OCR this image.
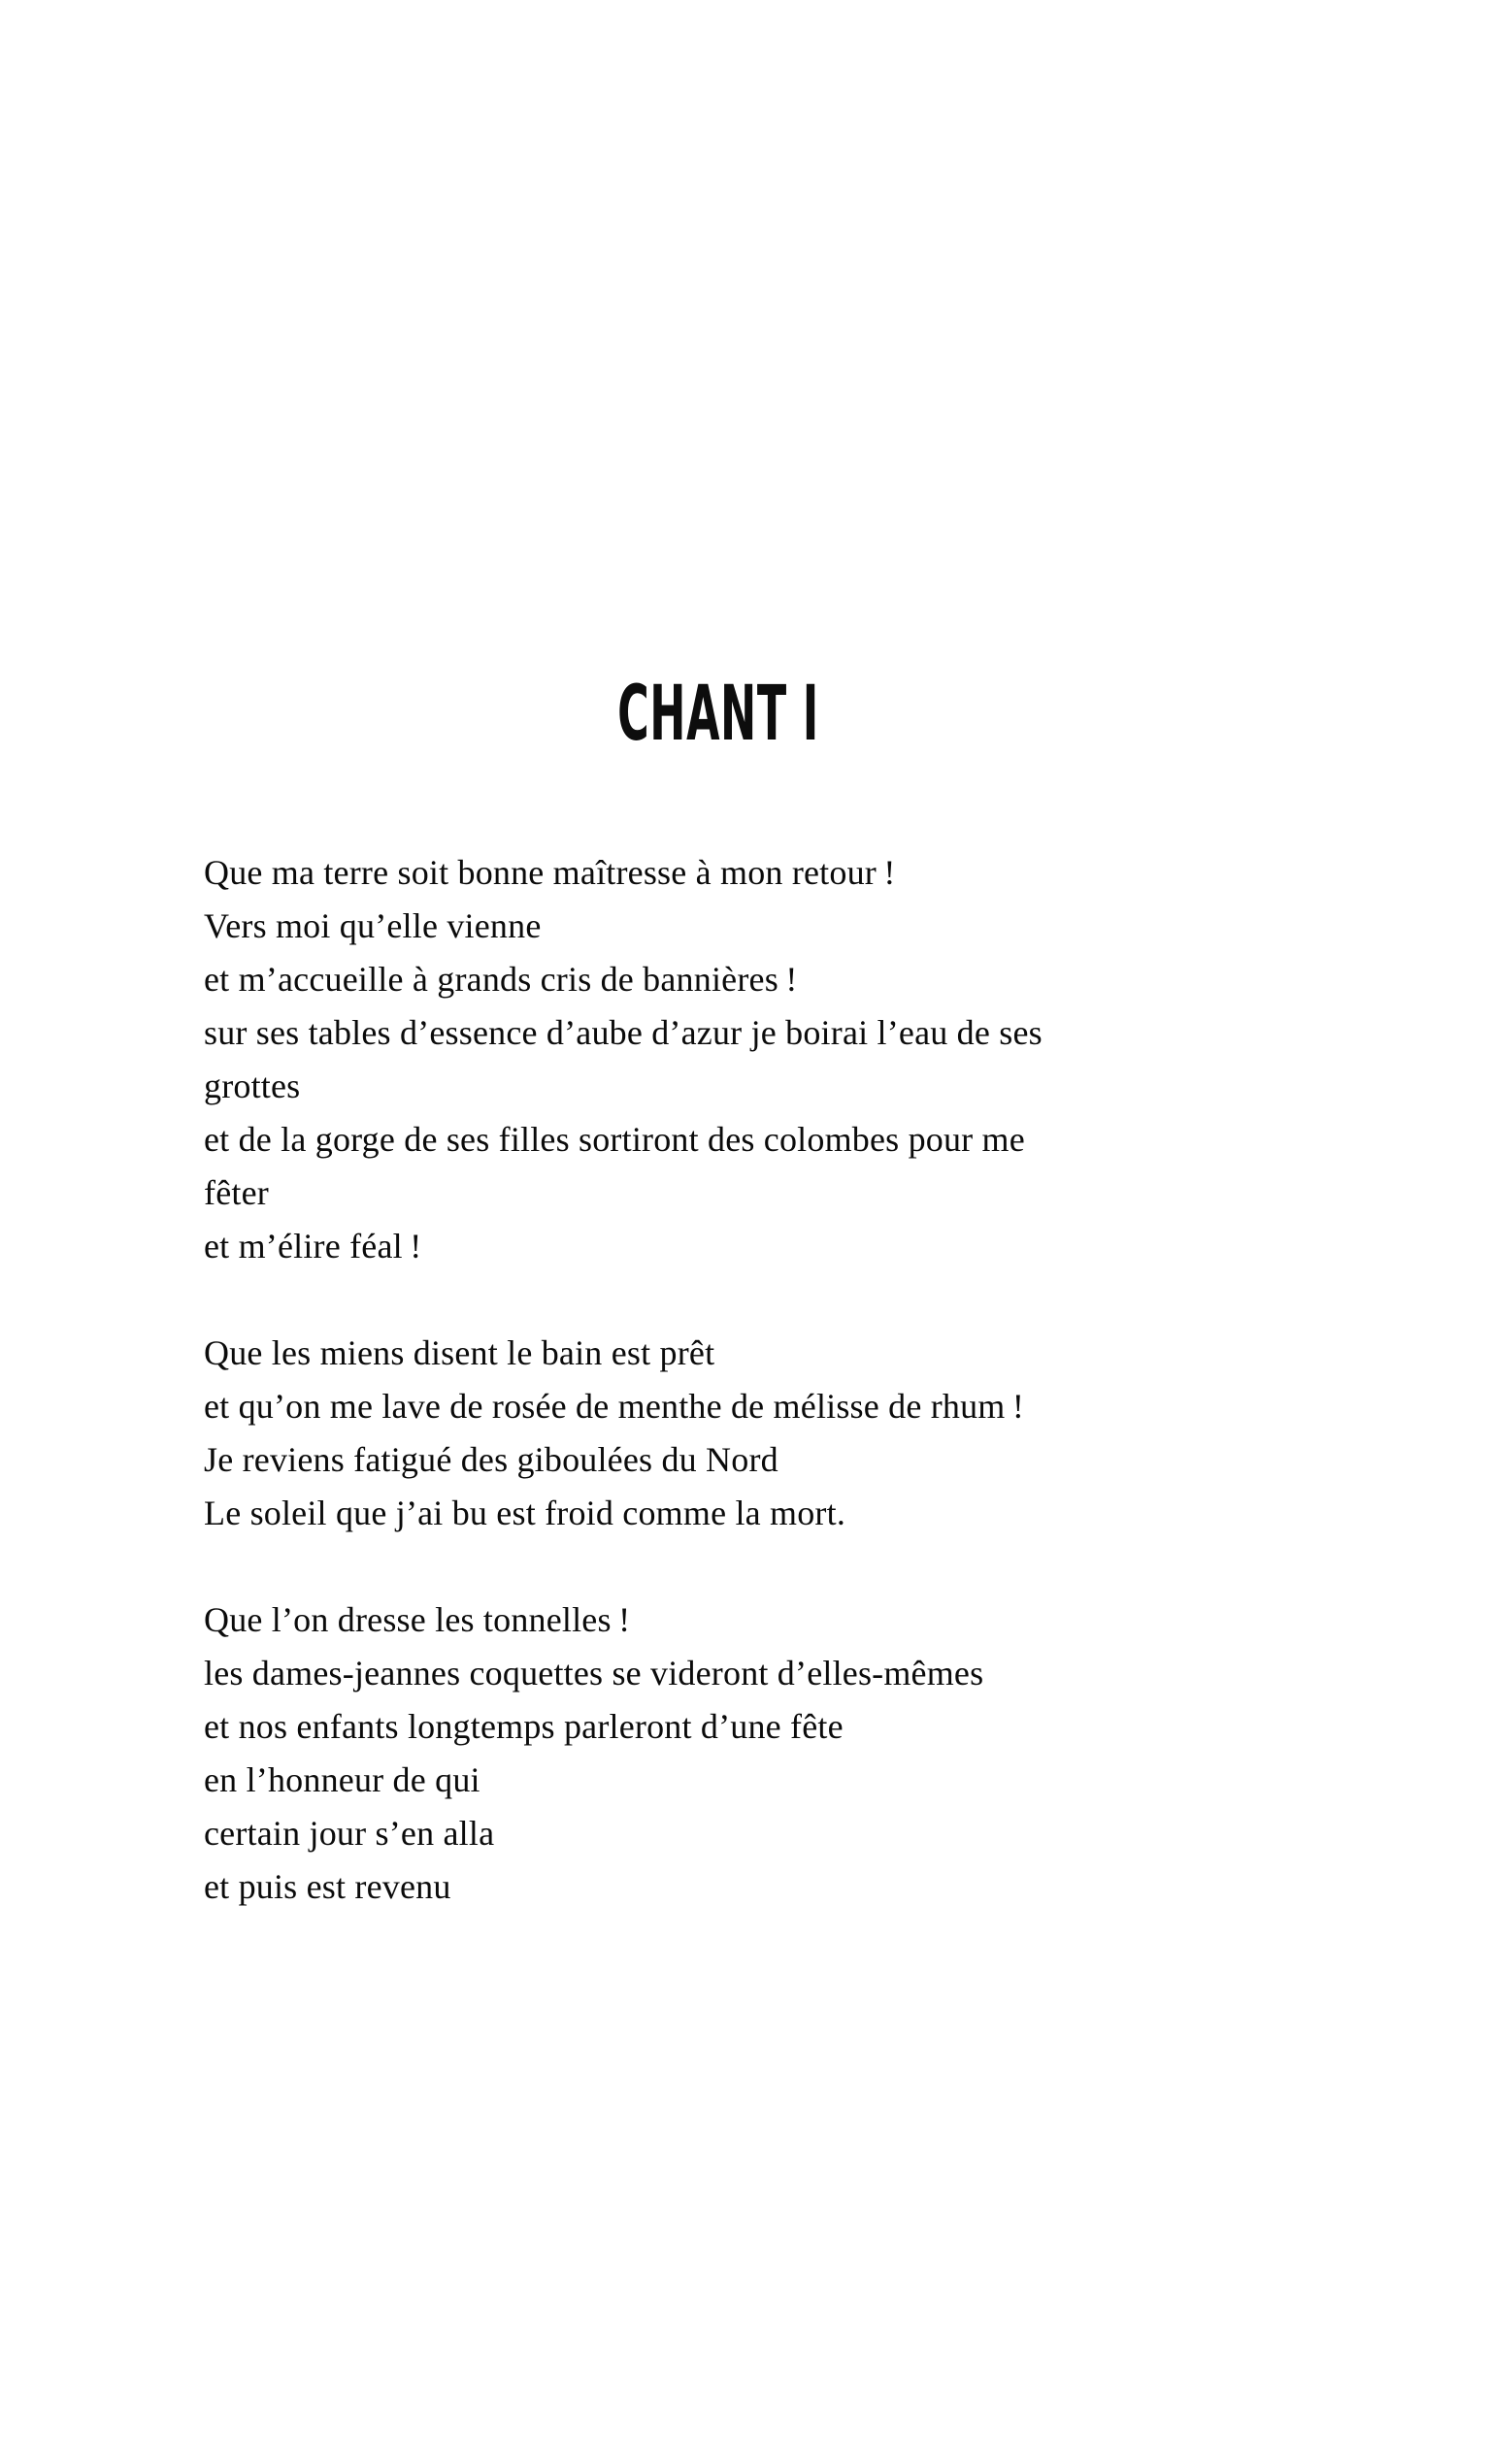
CHANT I
Que ma terre soit bonne maîtresse à mon retour !
Vers moi qu’elle vienne
et m’accueille à grands cris de bannières !
sur ses tables d’essence d’aube d’azur je boirai l’eau de ses
grottes
et de la gorge de ses filles sortiront des colombes pour me
fêter
et m’élire féal !
Que les miens disent le bain est prêt
et qu’on me lave de rosée de menthe de mélisse de rhum !
Je reviens fatigué des giboulées du Nord
Le soleil que j’ai bu est froid comme la mort.
Que l’on dresse les tonnelles !
les dames-jeannes coquettes se videront d’elles-mêmes
et nos enfants longtemps parleront d’une fête
en l’honneur de qui
certain jour s’en alla
et puis est revenu
